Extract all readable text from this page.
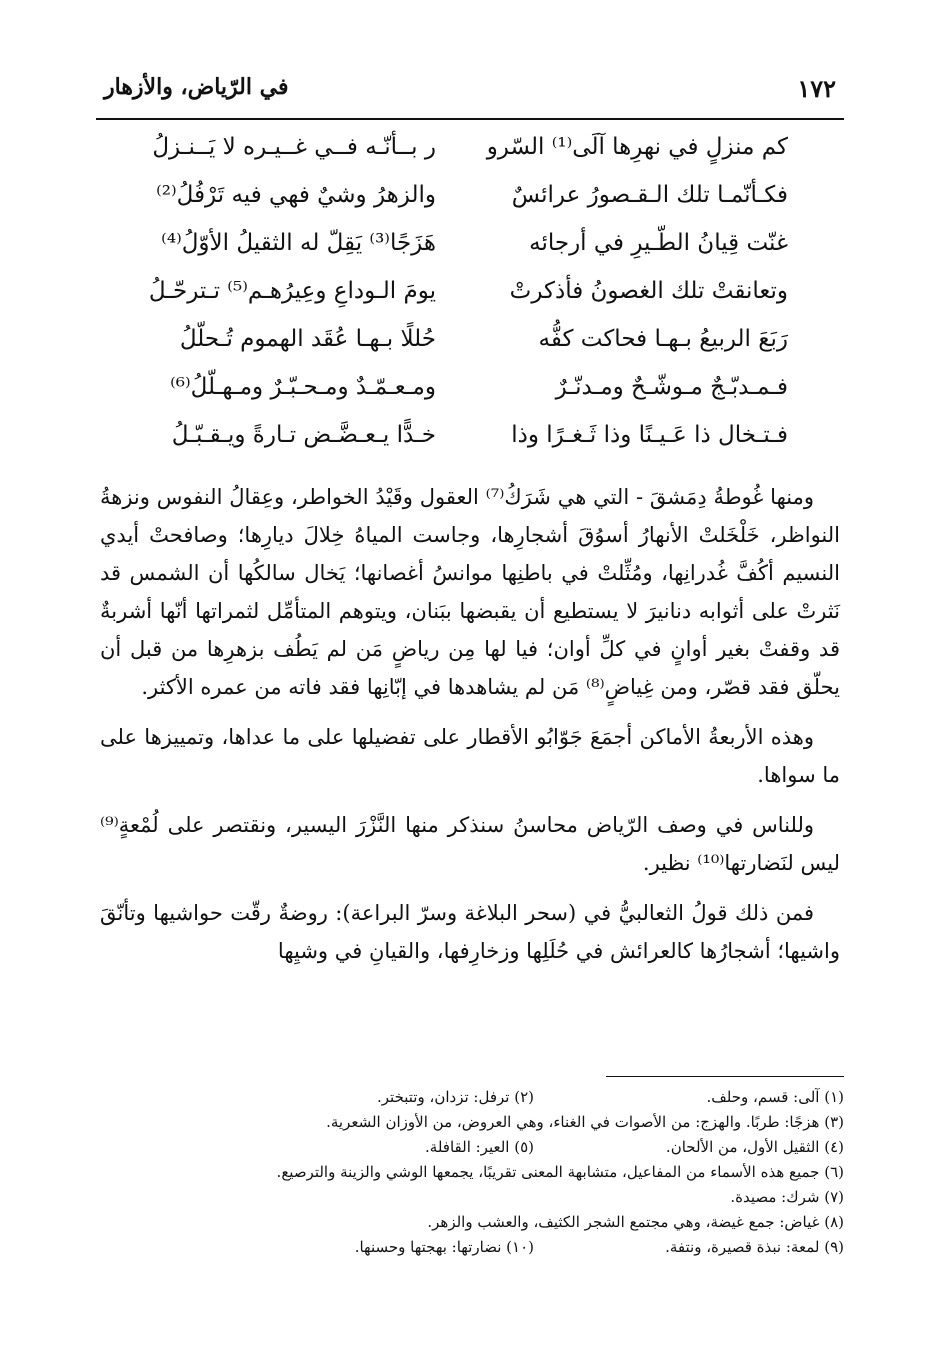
١٧٢
في الرّياض، والأزهار
كم منزلٍ في نهرِها آلَى⁽¹⁾ السّرو
ر بــأنّـه فــي غــيـره لا يَــنـزلُ
فكـأنّمـا تلك الـقـصورُ عرائسٌ
والزهرُ وشيٌ فهي فيه تَرْفُلُ⁽²⁾
غنّت قِيانُ الطّـيرِ في أرجائه
هَزَجًا⁽³⁾ يَقِلّ له الثقيلُ الأوّلُ⁽⁴⁾
وتعانقتْ تلك الغصونُ فأذكرتْ
يومَ الـوداعِ وعِيرُهـم⁽⁵⁾ تـترحّـلُ
رَبَعَ الربيعُ بـهـا فحاكت كفُّه
حُللًا بـهـا عُقَد الهموم تُـحلّلُ
فـمـدبّـجٌ مـوشّـحٌ ومـدنّـرٌ
ومـعـمّـدٌ ومـحـبّـرٌ ومـهـلّلُ⁽⁶⁾
فـتـخال ذا عَـيـنًا وذا ثَـغـرًا وذا
خـدًّا يـعـضَّـض تـارةً ويـقـبّـلُ

ومنها غُوطةُ دِمَشقَ - التي هي شَرَكُ⁽⁷⁾ العقول وقَيْدُ الخواطر، وعِقالُ النفوس ونزهةُ النواظر، خَلْخَلتْ الأنهارُ أسوُقَ أشجارِها، وجاست المياهُ خِلالَ ديارِها؛ وصافحتْ أيدي النسيم أكُفَّ غُدرانِها، ومُثِّلتْ في باطنِها موانسُ أغصانها؛ يَخال سالكُها أن الشمس قد نَثرتْ على أثوابه دنانيرَ لا يستطيع أن يقبضها ببَنان، ويتوهم المتأمِّل لثمراتها أنّها أشربةٌ قد وقفتْ بغير أوانٍ في كلِّ أوان؛ فيا لها مِن رياضٍ مَن لم يَطُف بزهرِها من قبل أن يحلّق فقد قصّر، ومن غِياضٍ⁽⁸⁾ مَن لم يشاهدها في إبّانِها فقد فاته من عمره الأكثر.

وهذه الأربعةُ الأماكن أجمَعَ جَوّابُو الأقطار على تفضيلها على ما عداها، وتمييزها على ما سواها.

وللناس في وصف الرّياض محاسنُ سنذكر منها النَّزْرَ اليسير، ونقتصر على لُمْعةٍ⁽⁹⁾ ليس لنَضارتها⁽¹⁰⁾ نظير.

فمن ذلك قولُ الثعالبيُّ في (سحر البلاغة وسرّ البراعة): روضةٌ رقّت حواشيها وتأنّقَ واشيها؛ أشجارُها كالعرائش في حُلَلِها وزخارِفها، والقيانِ في وشيِها

(١) آلى: قسم، وحلف.
(٢) ترفل: تزدان، وتتبختر.
(٣) هزجًا: طربًا. والهزج: من الأصوات في الغناء، وهي العروض، من الأوزان الشعرية.
(٤) الثقيل الأول، من الألحان.
(٥) العير: القافلة.
(٦) جميع هذه الأسماء من المفاعيل، متشابهة المعنى تقريبًا، يجمعها الوشي والزينة والترصيع.
(٧) شرك: مصيدة.
(٨) غياض: جمع غيضة، وهي مجتمع الشجر الكثيف، والعشب والزهر.
(٩) لمعة: نبذة قصيرة، ونتفة.
(١٠) نضارتها: بهجتها وحسنها.
